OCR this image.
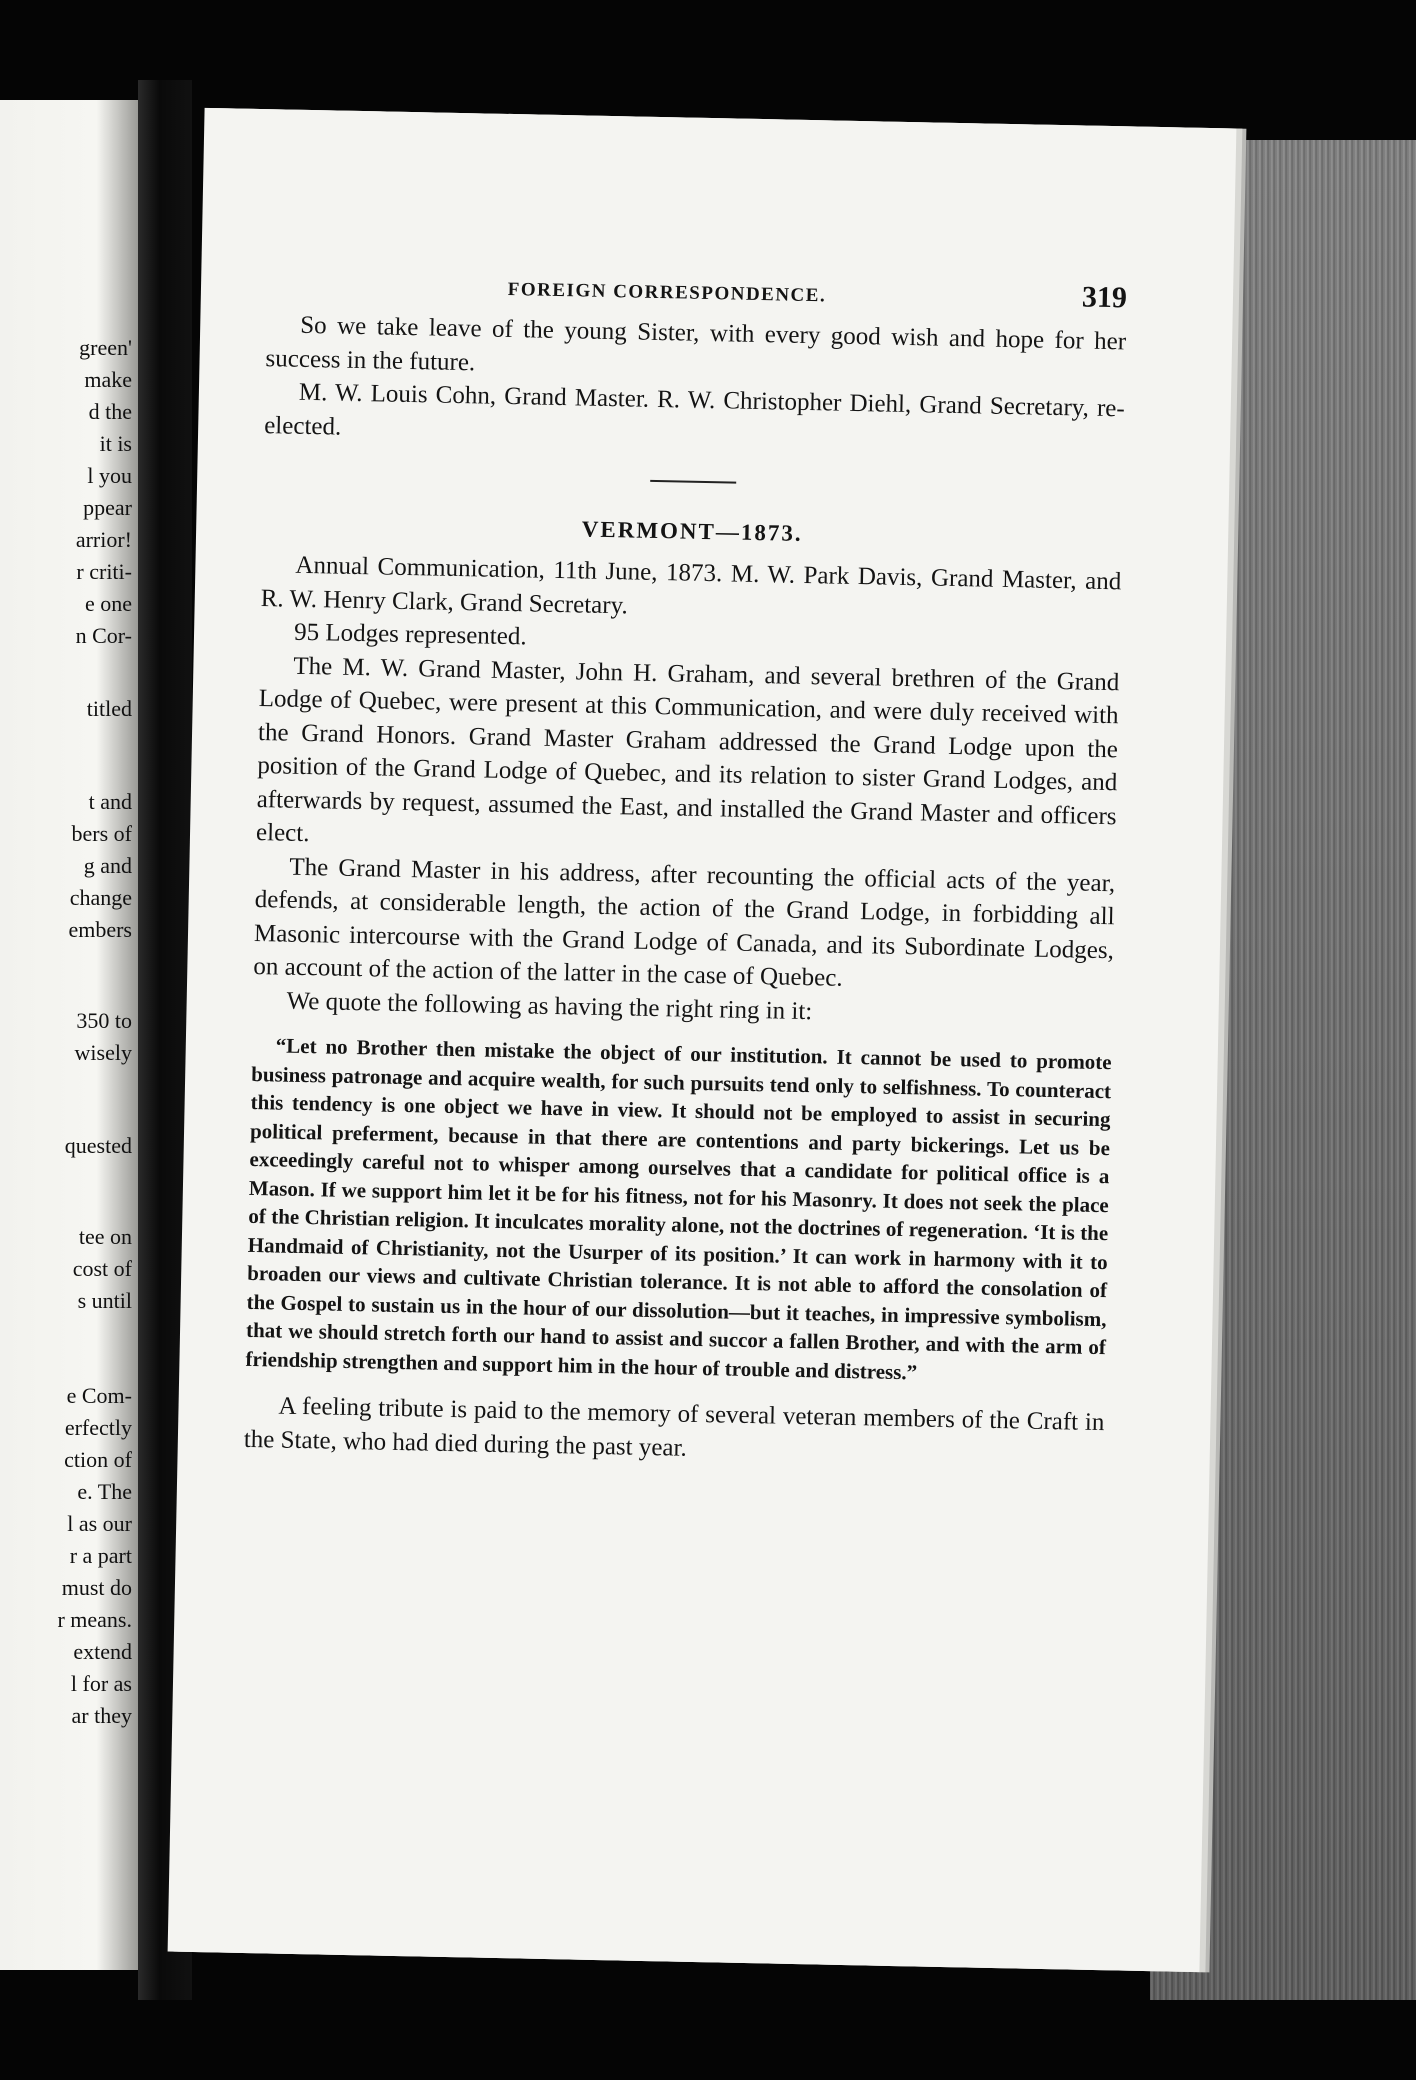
green'
make
d the
it is
l you
ppear
arrior!
r criti-
e one
n Cor-
titled
t and
bers of
g and
change
embers
350 to
wisely
quested
tee on
cost of
s until
e Com-
erfectly
ction of
e. The
l as our
r a part
must do
r means.
extend
l for as
ar they
FOREIGN CORRESPONDENCE.	319

So we take leave of the young Sister, with every good wish and hope for her success in the future.

M. W. Louis Cohn, Grand Master. R. W. Christopher Diehl, Grand Secretary, re-elected.

VERMONT—1873.

Annual Communication, 11th June, 1873. M. W. Park Davis, Grand Master, and R. W. Henry Clark, Grand Secretary.

95 Lodges represented.

The M. W. Grand Master, John H. Graham, and several brethren of the Grand Lodge of Quebec, were present at this Communication, and were duly received with the Grand Honors. Grand Master Graham addressed the Grand Lodge upon the position of the Grand Lodge of Quebec, and its relation to sister Grand Lodges, and afterwards by request, assumed the East, and installed the Grand Master and officers elect.

The Grand Master in his address, after recounting the official acts of the year, defends, at considerable length, the action of the Grand Lodge, in forbidding all Masonic intercourse with the Grand Lodge of Canada, and its Subordinate Lodges, on account of the action of the latter in the case of Quebec.

We quote the following as having the right ring in it:

“Let no Brother then mistake the object of our institution. It cannot be used to promote business patronage and acquire wealth, for such pursuits tend only to selfishness. To counteract this tendency is one object we have in view. It should not be employed to assist in securing political preferment, because in that there are contentions and party bickerings. Let us be exceedingly careful not to whisper among ourselves that a candidate for political office is a Mason. If we support him let it be for his fitness, not for his Masonry. It does not seek the place of the Christian religion. It inculcates morality alone, not the doctrines of regeneration. ‘It is the Handmaid of Christianity, not the Usurper of its position.’ It can work in harmony with it to broaden our views and cultivate Christian tolerance. It is not able to afford the consolation of the Gospel to sustain us in the hour of our dissolution—but it teaches, in impressive symbolism, that we should stretch forth our hand to assist and succor a fallen Brother, and with the arm of friendship strengthen and support him in the hour of trouble and distress.”

A feeling tribute is paid to the memory of several veteran members of the Craft in the State, who had died during the past year.
